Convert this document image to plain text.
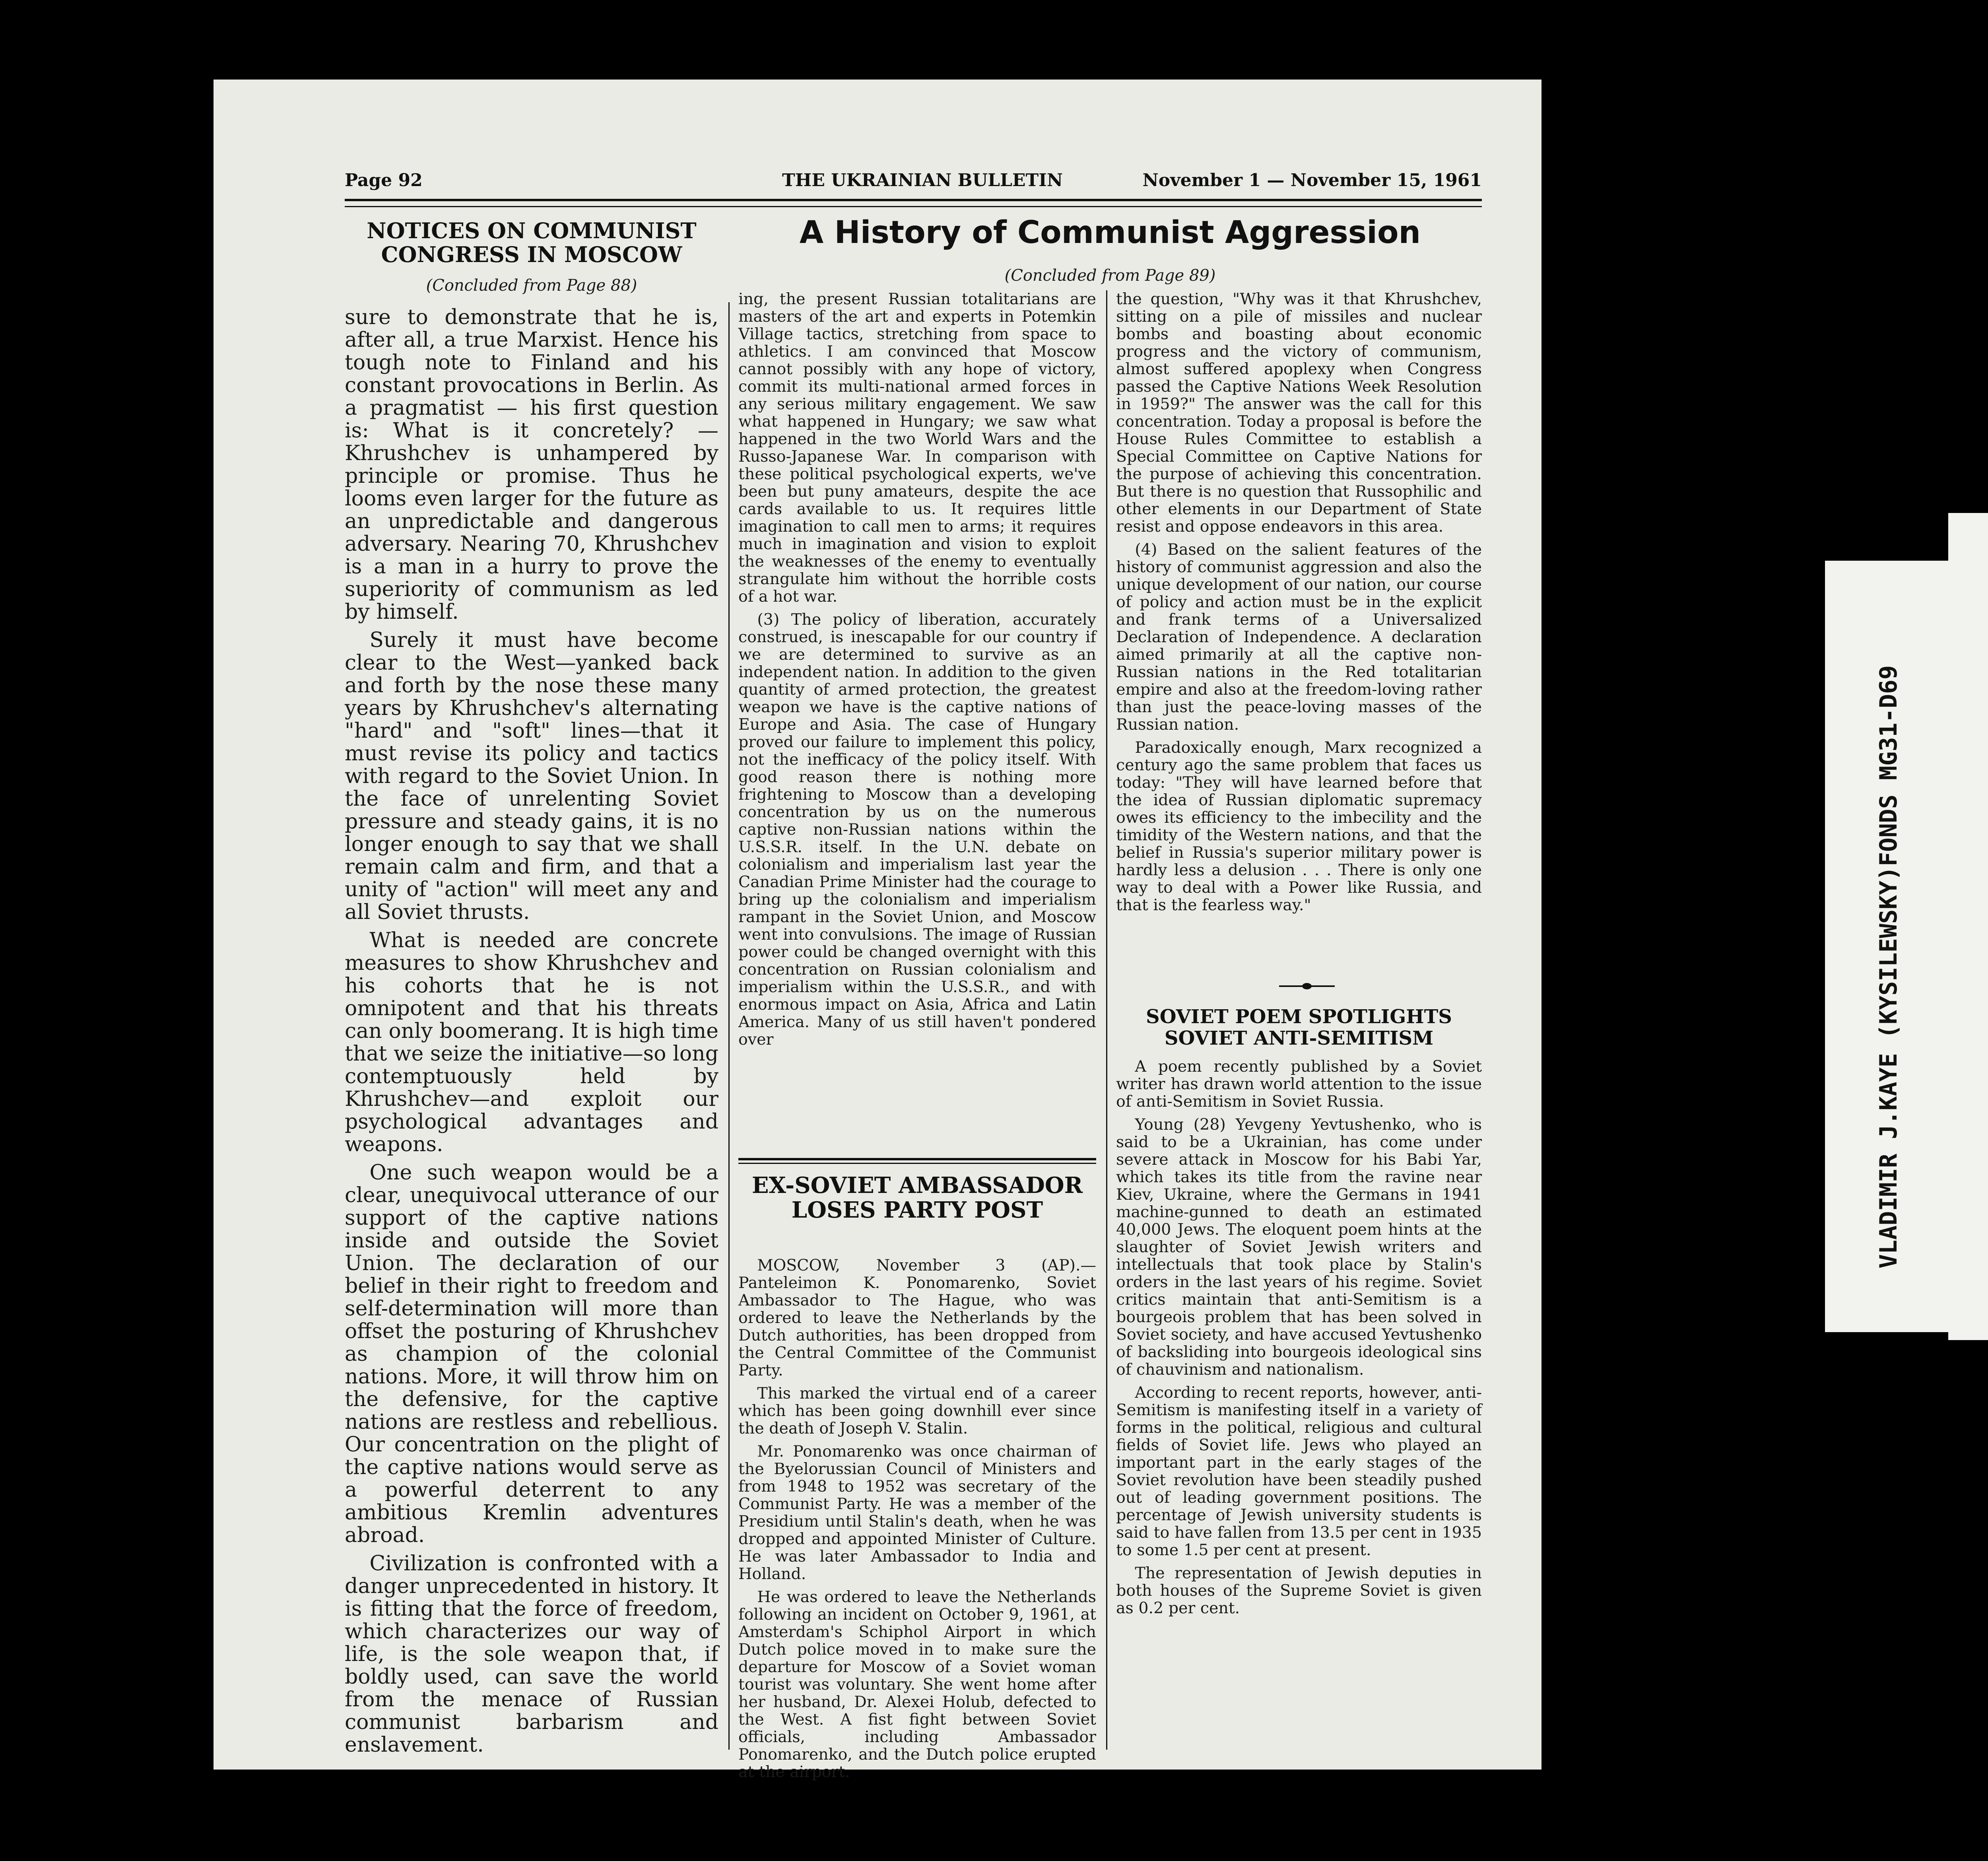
Page 92	THE UKRAINIAN BULLETIN	November 1 — November 15, 1961
NOTICES ON COMMUNIST CONGRESS IN MOSCOW
(Concluded from Page 88)

sure to demonstrate that he is, after all, a true Marxist. Hence his tough note to Finland and his constant provocations in Berlin. As a pragmatist — his first question is: What is it concretely? — Khrushchev is unhampered by principle or promise. Thus he looms even larger for the future as an unpredictable and dangerous adversary. Nearing 70, Khrushchev is a man in a hurry to prove the superiority of communism as led by himself.

Surely it must have become clear to the West—yanked back and forth by the nose these many years by Khrushchev's alternating "hard" and "soft" lines—that it must revise its policy and tactics with regard to the Soviet Union. In the face of unrelenting Soviet pressure and steady gains, it is no longer enough to say that we shall remain calm and firm, and that a unity of "action" will meet any and all Soviet thrusts.

What is needed are concrete measures to show Khrushchev and his cohorts that he is not omnipotent and that his threats can only boomerang. It is high time that we seize the initiative—so long contemptuously held by Khrushchev—and exploit our psychological advantages and weapons.

One such weapon would be a clear, unequivocal utterance of our support of the captive nations inside and outside the Soviet Union. The declaration of our belief in their right to freedom and self-determination will more than offset the posturing of Khrushchev as champion of the colonial nations. More, it will throw him on the defensive, for the captive nations are restless and rebellious. Our concentration on the plight of the captive nations would serve as a powerful deterrent to any ambitious Kremlin adventures abroad.

Civilization is confronted with a danger unprecedented in history. It is fitting that the force of freedom, which characterizes our way of life, is the sole weapon that, if boldly used, can save the world from the menace of Russian communist barbarism and enslavement.

A History of Communist Aggression
(Concluded from Page 89)

ing, the present Russian totalitarians are masters of the art and experts in Potemkin Village tactics, stretching from space to athletics. I am convinced that Moscow cannot possibly with any hope of victory, commit its multi-national armed forces in any serious military engagement. We saw what happened in Hungary; we saw what happened in the two World Wars and the Russo-Japanese War. In comparison with these political psychological experts, we've been but puny amateurs, despite the ace cards available to us. It requires little imagination to call men to arms; it requires much in imagination and vision to exploit the weaknesses of the enemy to eventually strangulate him without the horrible costs of a hot war.

(3) The policy of liberation, accurately construed, is inescapable for our country if we are determined to survive as an independent nation. In addition to the given quantity of armed protection, the greatest weapon we have is the captive nations of Europe and Asia. The case of Hungary proved our failure to implement this policy, not the inefficacy of the policy itself. With good reason there is nothing more frightening to Moscow than a developing concentration by us on the numerous captive non-Russian nations within the U.S.S.R. itself. In the U.N. debate on colonialism and imperialism last year the Canadian Prime Minister had the courage to bring up the colonialism and imperialism rampant in the Soviet Union, and Moscow went into convulsions. The image of Russian power could be changed overnight with this concentration on Russian colonialism and imperialism within the U.S.S.R., and with enormous impact on Asia, Africa and Latin America. Many of us still haven't pondered over

the question, "Why was it that Khrushchev, sitting on a pile of missiles and nuclear bombs and boasting about economic progress and the victory of communism, almost suffered apoplexy when Congress passed the Captive Nations Week Resolution in 1959?" The answer was the call for this concentration. Today a proposal is before the House Rules Committee to establish a Special Committee on Captive Nations for the purpose of achieving this concentration. But there is no question that Russophilic and other elements in our Department of State resist and oppose endeavors in this area.

(4) Based on the salient features of the history of communist aggression and also the unique development of our nation, our course of policy and action must be in the explicit and frank terms of a Universalized Declaration of Independence. A declaration aimed primarily at all the captive non-Russian nations in the Red totalitarian empire and also at the freedom-loving rather than just the peace-loving masses of the Russian nation.

Paradoxically enough, Marx recognized a century ago the same problem that faces us today: "They will have learned before that the idea of Russian diplomatic supremacy owes its efficiency to the imbecility and the timidity of the Western nations, and that the belief in Russia's superior military power is hardly less a delusion . . . There is only one way to deal with a Power like Russia, and that is the fearless way."

EX-SOVIET AMBASSADOR LOSES PARTY POST

MOSCOW, November 3 (AP).—Panteleimon K. Ponomarenko, Soviet Ambassador to The Hague, who was ordered to leave the Netherlands by the Dutch authorities, has been dropped from the Central Committee of the Communist Party.

This marked the virtual end of a career which has been going downhill ever since the death of Joseph V. Stalin.

Mr. Ponomarenko was once chairman of the Byelorussian Council of Ministers and from 1948 to 1952 was secretary of the Communist Party. He was a member of the Presidium until Stalin's death, when he was dropped and appointed Minister of Culture. He was later Ambassador to India and Holland.

He was ordered to leave the Netherlands following an incident on October 9, 1961, at Amsterdam's Schiphol Airport in which Dutch police moved in to make sure the departure for Moscow of a Soviet woman tourist was voluntary. She went home after her husband, Dr. Alexei Holub, defected to the West. A fist fight between Soviet officials, including Ambassador Ponomarenko, and the Dutch police erupted at the airport.

SOVIET POEM SPOTLIGHTS SOVIET ANTI-SEMITISM

A poem recently published by a Soviet writer has drawn world attention to the issue of anti-Semitism in Soviet Russia.

Young (28) Yevgeny Yevtushenko, who is said to be a Ukrainian, has come under severe attack in Moscow for his Babi Yar, which takes its title from the ravine near Kiev, Ukraine, where the Germans in 1941 machine-gunned to death an estimated 40,000 Jews. The eloquent poem hints at the slaughter of Soviet Jewish writers and intellectuals that took place by Stalin's orders in the last years of his regime. Soviet critics maintain that anti-Semitism is a bourgeois problem that has been solved in Soviet society, and have accused Yevtushenko of backsliding into bourgeois ideological sins of chauvinism and nationalism.

According to recent reports, however, anti-Semitism is manifesting itself in a variety of forms in the political, religious and cultural fields of Soviet life. Jews who played an important part in the early stages of the Soviet revolution have been steadily pushed out of leading government positions. The percentage of Jewish university students is said to have fallen from 13.5 per cent in 1935 to some 1.5 per cent at present.

The representation of Jewish deputies in both houses of the Supreme Soviet is given as 0.2 per cent.

VLADIMIR J.KAYE (KYSILEWSKY)FONDS MG31-D69
